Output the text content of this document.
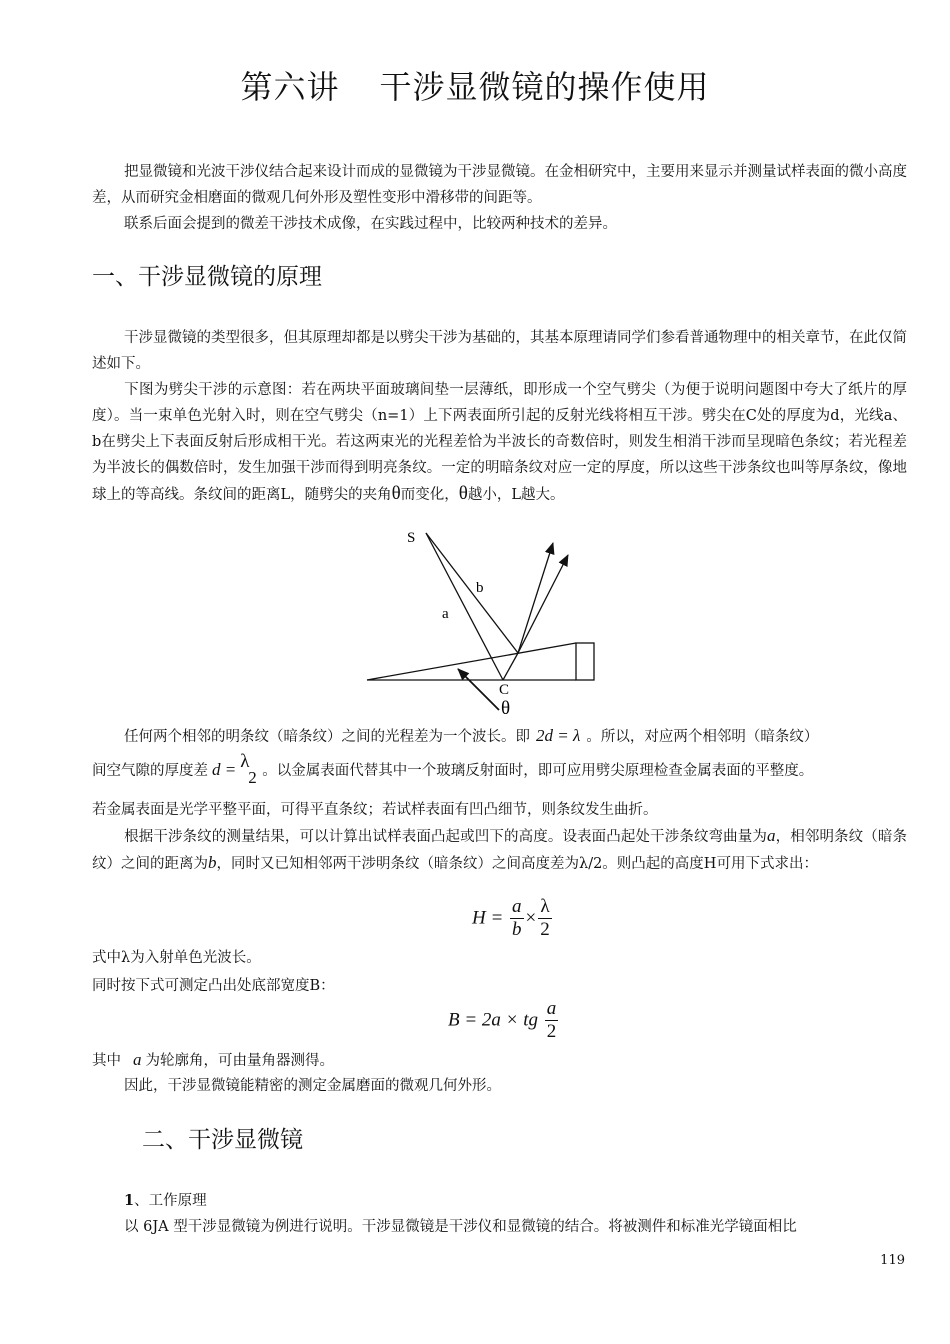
第六讲 干涉显微镜的操作使用
把显微镜和光波干涉仪结合起来设计而成的显微镜为干涉显微镜。在金相研究中，主要用来显示并测量试样表面的微小高度差，从而研究金相磨面的微观几何外形及塑性变形中滑移带的间距等。
联系后面会提到的微差干涉技术成像，在实践过程中，比较两种技术的差异。
一、干涉显微镜的原理
干涉显微镜的类型很多，但其原理却都是以劈尖干涉为基础的，其基本原理请同学们参看普通物理中的相关章节，在此仅简述如下。
下图为劈尖干涉的示意图：若在两块平面玻璃间垫一层薄纸，即形成一个空气劈尖（为便于说明问题图中夸大了纸片的厚度）。当一束单色光射入时，则在空气劈尖（n=1）上下两表面所引起的反射光线将相互干涉。劈尖在C处的厚度为d，光线a、b在劈尖上下表面反射后形成相干光。若这两束光的光程差恰为半波长的奇数倍时，则发生相消干涉而呈现暗色条纹；若光程差为半波长的偶数倍时，发生加强干涉而得到明亮条纹。一定的明暗条纹对应一定的厚度，所以这些干涉条纹也叫等厚条纹，像地球上的等高线。条纹间的距离L，随劈尖的夹角θ而变化，θ越小，L越大。
S
a
b
C
θ
任何两个相邻的明条纹（暗条纹）之间的光程差为一个波长。即 2d = λ 。所以，对应两个相邻明（暗条纹）
间空气隙的厚度差 d = λ
2 。以金属表面代替其中一个玻璃反射面时，即可应用劈尖原理检查金属表面的平整度。
若金属表面是光学平整平面，可得平直条纹；若试样表面有凹凸细节，则条纹发生曲折。
根据干涉条纹的测量结果，可以计算出试样表面凸起或凹下的高度。设表面凸起处干涉条纹弯曲量为a，相邻明条纹（暗条纹）之间的距离为b，同时又已知相邻两干涉明条纹（暗条纹）之间高度差为λ/2。则凸起的高度H可用下式求出：
$H = \frac{a}{b} \times \frac{\lambda}{2}$
式中λ为入射单色光波长。
同时按下式可测定凸出处底部宽度B：
B = 2a × tg $\frac{a}{2}$
其中 a 为轮廓角，可由量角器测得。
因此，干涉显微镜能精密的测定金属磨面的微观几何外形。
二、干涉显微镜
1、工作原理
以 6JA 型干涉显微镜为例进行说明。干涉显微镜是干涉仪和显微镜的结合。将被测件和标准光学镜面相比
119
